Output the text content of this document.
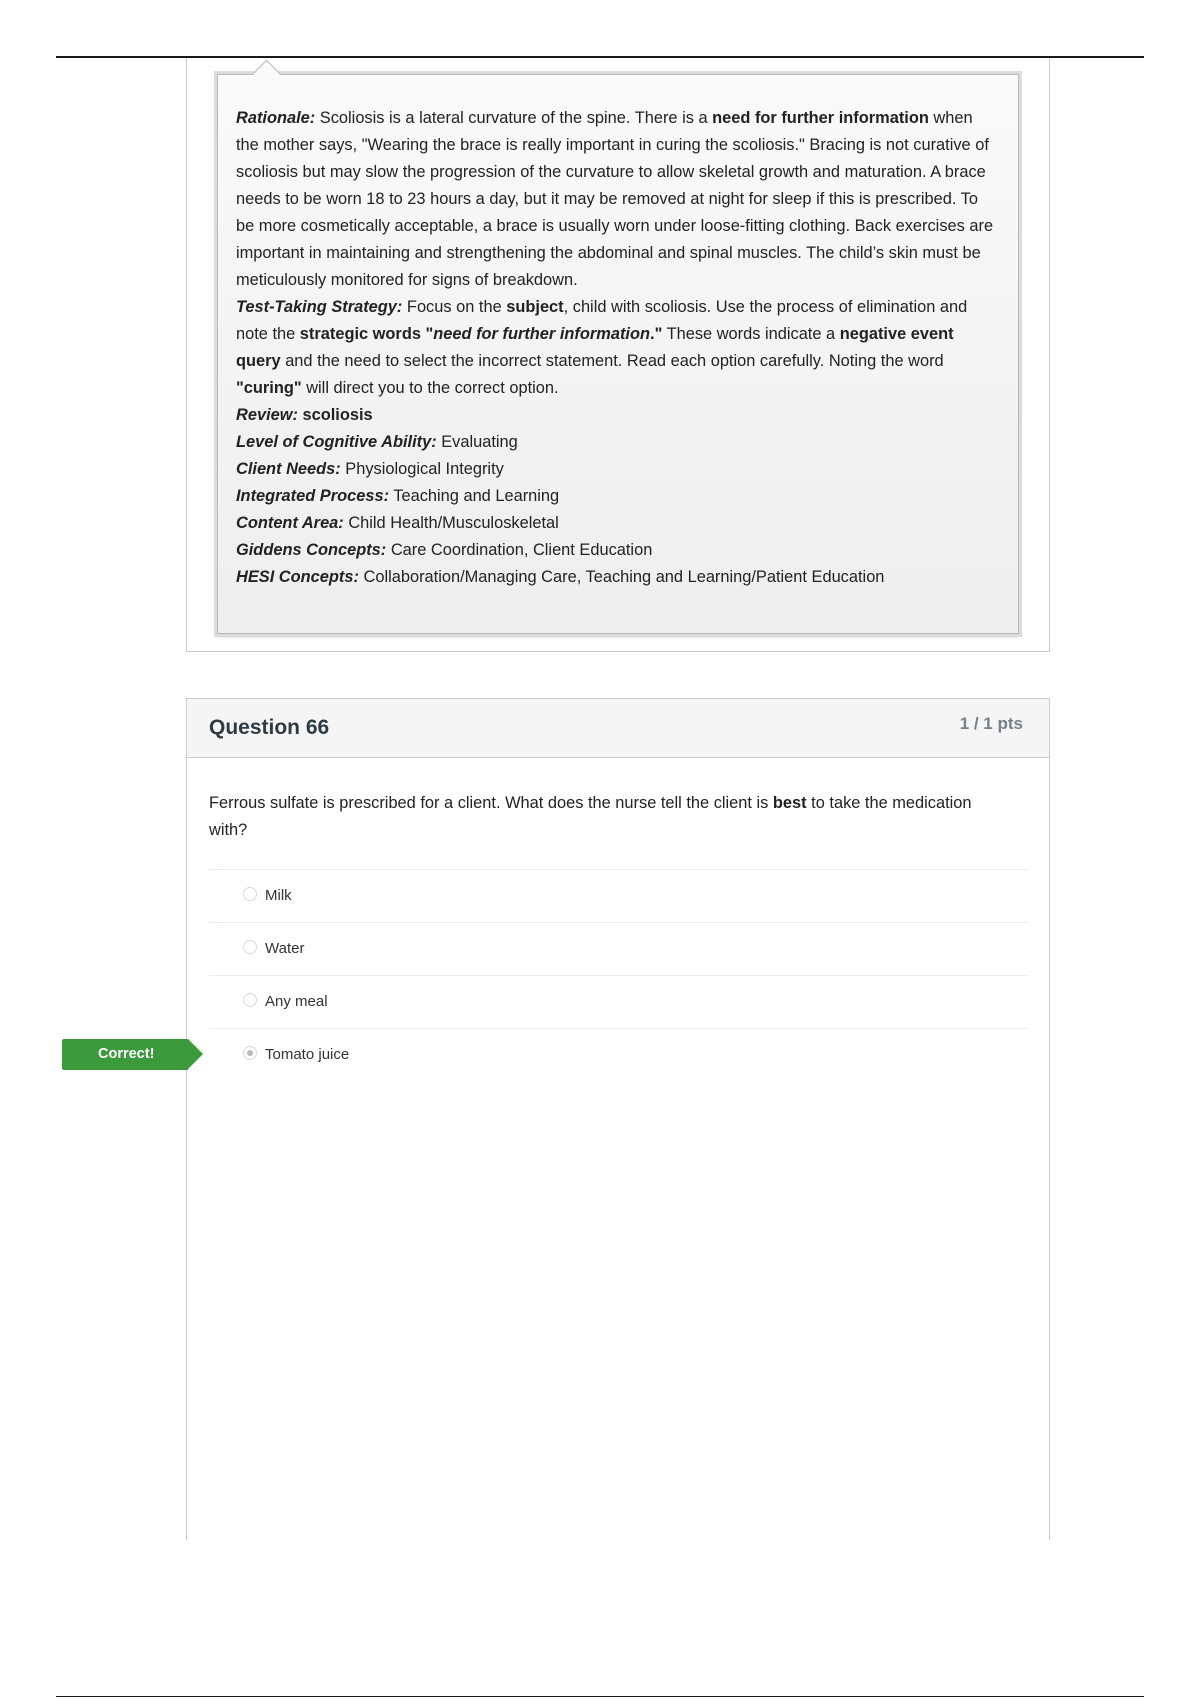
Rationale: Scoliosis is a lateral curvature of the spine. There is a need for further information when the mother says, "Wearing the brace is really important in curing the scoliosis." Bracing is not curative of scoliosis but may slow the progression of the curvature to allow skeletal growth and maturation. A brace needs to be worn 18 to 23 hours a day, but it may be removed at night for sleep if this is prescribed. To be more cosmetically acceptable, a brace is usually worn under loose-fitting clothing. Back exercises are important in maintaining and strengthening the abdominal and spinal muscles. The child’s skin must be meticulously monitored for signs of breakdown.

Test-Taking Strategy: Focus on the subject, child with scoliosis. Use the process of elimination and note the strategic words "need for further information." These words indicate a negative event query and the need to select the incorrect statement. Read each option carefully. Noting the word "curing" will direct you to the correct option.

Review: scoliosis

Level of Cognitive Ability: Evaluating

Client Needs: Physiological Integrity

Integrated Process: Teaching and Learning

Content Area: Child Health/Musculoskeletal

Giddens Concepts: Care Coordination, Client Education

HESI Concepts: Collaboration/Managing Care, Teaching and Learning/Patient Education

Question 66	1 / 1 pts
Ferrous sulfate is prescribed for a client. What does the nurse tell the client is best to take the medication with?
Milk
Water
Any meal
Tomato juice
Correct!
